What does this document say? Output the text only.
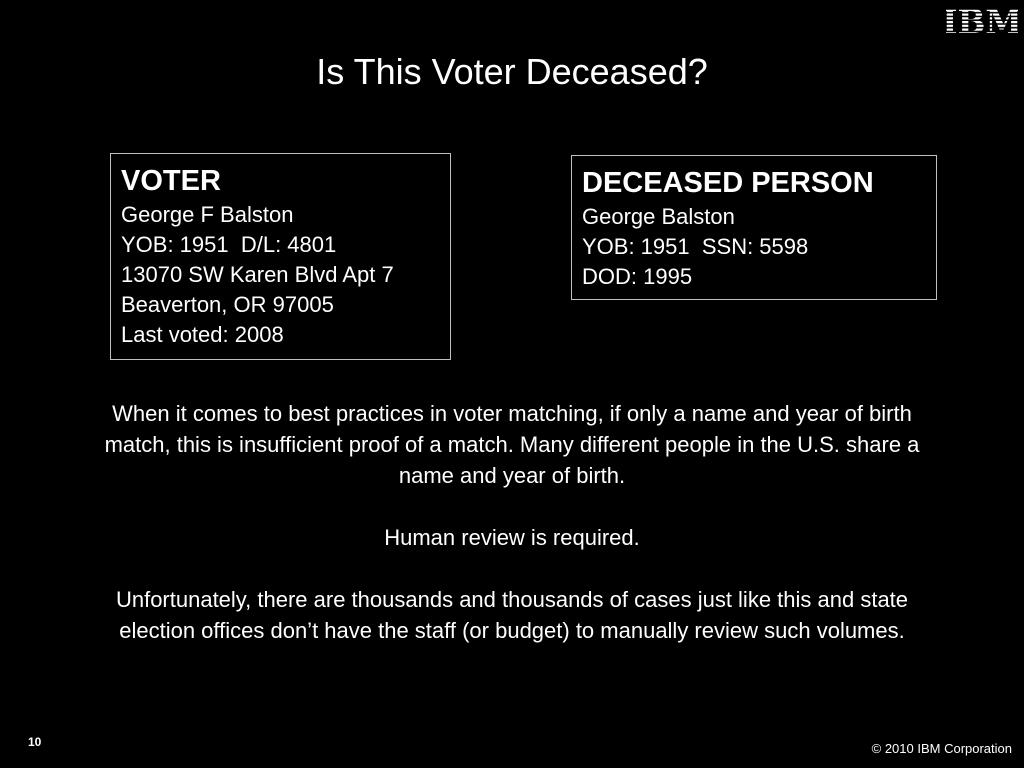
Is This Voter Deceased?
VOTER
George F Balston
YOB: 1951  D/L: 4801
13070 SW Karen Blvd Apt 7
Beaverton, OR 97005
Last voted: 2008
DECEASED PERSON
George Balston
YOB: 1951  SSN: 5598
DOD: 1995

When it comes to best practices in voter matching, if only a name and year of birth match, this is insufficient proof of a match. Many different people in the U.S. share a name and year of birth.

Human review is required.

Unfortunately, there are thousands and thousands of cases just like this and state election offices don’t have the staff (or budget) to manually review such volumes.

10	© 2010 IBM Corporation
